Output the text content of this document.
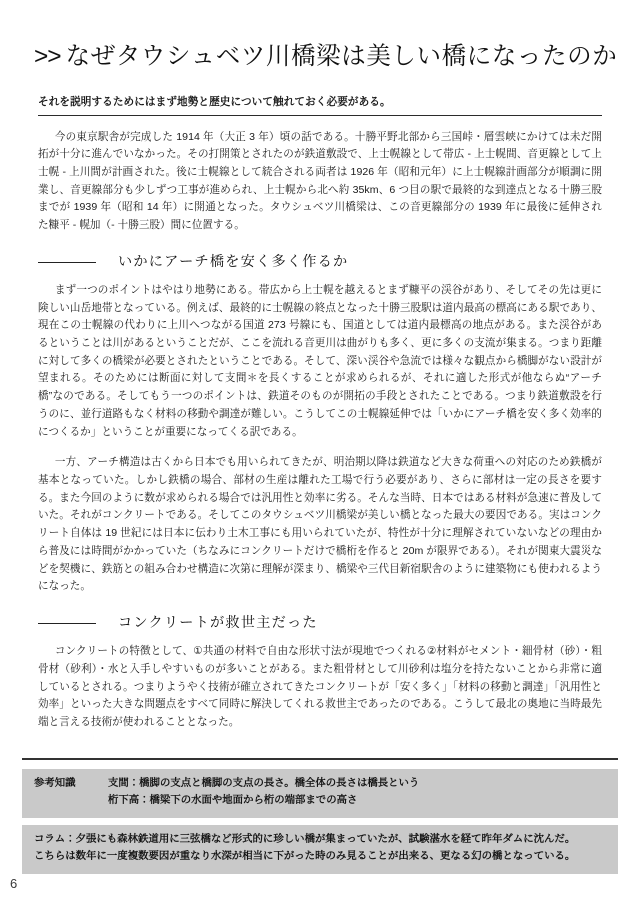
>> なぜタウシュベツ川橋梁は美しい橋になったのか
それを説明するためにはまず地勢と歴史について触れておく必要がある。

今の東京駅舎が完成した 1914 年（大正 3 年）頃の話である。十勝平野北部から三国峠・層雲峡にかけては未だ開拓が十分に進んでいなかった。その打開策とされたのが鉄道敷設で、上士幌線として帯広 - 上士幌間、音更線として上士幌 - 上川間が計画された。後に士幌線として統合される両者は 1926 年（昭和元年）に上士幌線計画部分が順調に開業し、音更線部分も少しずつ工事が進められ、上士幌から北へ約 35km、6 つ目の駅で最終的な到達点となる十勝三股までが 1939 年（昭和 14 年）に開通となった。タウシュベツ川橋梁は、この音更線部分の 1939 年に最後に延伸された糠平 - 幌加（- 十勝三股）間に位置する。

いかにアーチ橋を安く多く作るか

まず一つのポイントはやはり地勢にある。帯広から上士幌を越えるとまず糠平の渓谷があり、そしてその先は更に険しい山岳地帯となっている。例えば、最終的に士幌線の終点となった十勝三股駅は道内最高の標高にある駅であり、現在この士幌線の代わりに上川へつながる国道 273 号線にも、国道としては道内最標高の地点がある。また渓谷があるということは川があるということだが、ここを流れる音更川は曲がりも多く、更に多くの支流が集まる。つまり距離に対して多くの橋梁が必要とされたということである。そして、深い渓谷や急流では様々な観点から橋脚がない設計が望まれる。そのためには断面に対して支間＊を長くすることが求められるが、それに適した形式が他ならぬ“アーチ橋”なのである。そしてもう一つのポイントは、鉄道そのものが開拓の手段とされたことである。つまり鉄道敷設を行うのに、並行道路もなく材料の移動や調達が難しい。こうしてこの士幌線延伸では「いかにアーチ橋を安く多く効率的につくるか」ということが重要になってくる訳である。

一方、アーチ構造は古くから日本でも用いられてきたが、明治期以降は鉄道など大きな荷重への対応のため鉄橋が基本となっていた。しかし鉄橋の場合、部材の生産は離れた工場で行う必要があり、さらに部材は一定の長さを要する。また今回のように数が求められる場合では汎用性と効率に劣る。そんな当時、日本ではある材料が急速に普及していた。それがコンクリートである。そしてこのタウシュベツ川橋梁が美しい橋となった最大の要因である。実はコンクリート自体は 19 世紀には日本に伝わり土木工事にも用いられていたが、特性が十分に理解されていないなどの理由から普及には時間がかかっていた（ちなみにコンクリートだけで橋桁を作ると 20m が限界である）。それが関東大震災などを契機に、鉄筋との組み合わせ構造に次第に理解が深まり、橋梁や三代目新宿駅舎のように建築物にも使われるようになった。

コンクリートが救世主だった

コンクリートの特徴として、①共通の材料で自由な形状寸法が現地でつくれる②材料がセメント・細骨材（砂）・粗骨材（砂利）・水と入手しやすいものが多いことがある。また粗骨材として川砂利は塩分を持たないことから非常に適しているとされる。つまりようやく技術が確立されてきたコンクリートが「安く多く」「材料の移動と調達」「汎用性と効率」といった大きな問題点をすべて同時に解決してくれる救世主であったのである。こうして最北の奥地に当時最先端と言える技術が使われることとなった。

参考知識	支間：橋脚の支点と橋脚の支点の長さ。橋全体の長さは橋長という
桁下高：橋梁下の水面や地面から桁の端部までの高さ
コラム：夕張にも森林鉄道用に三弦橋など形式的に珍しい橋が集まっていたが、試験湛水を経て昨年ダムに沈んだ。
こちらは数年に一度複数要因が重なり水深が相当に下がった時のみ見ることが出来る、更なる幻の橋となっている。
6
